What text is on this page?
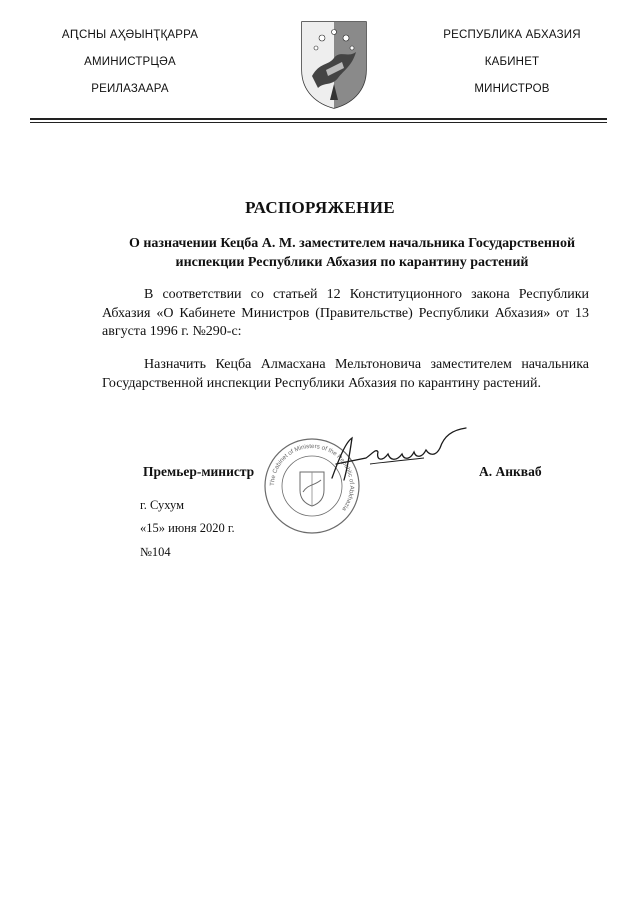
АԤСНЫ АҲӘЫНҬҚАРРА
АМИНИСТРЦӘА
РЕИЛАЗААРА
РЕСПУБЛИКА АБХАЗИЯ
КАБИНЕТ
МИНИСТРОВ
РАСПОРЯЖЕНИЕ
О назначении Кецба А. М. заместителем начальника Государственной инспекции Республики Абхазия по карантину растений
В соответствии со статьей 12 Конституционного закона Республики Абхазия «О Кабинете Министров (Правительстве) Республики Абхазия» от 13 августа 1996 г. №290-с:
Назначить Кецба Алмасхана Мельтоновича заместителем начальника Государственной инспекции Республики Абхазия по карантину растений.
The Cabinet of Ministers of the Republic of Abkhazia
Премьер-министр	А. Анкваб
г. Сухум
«15» июня 2020 г.
№104
